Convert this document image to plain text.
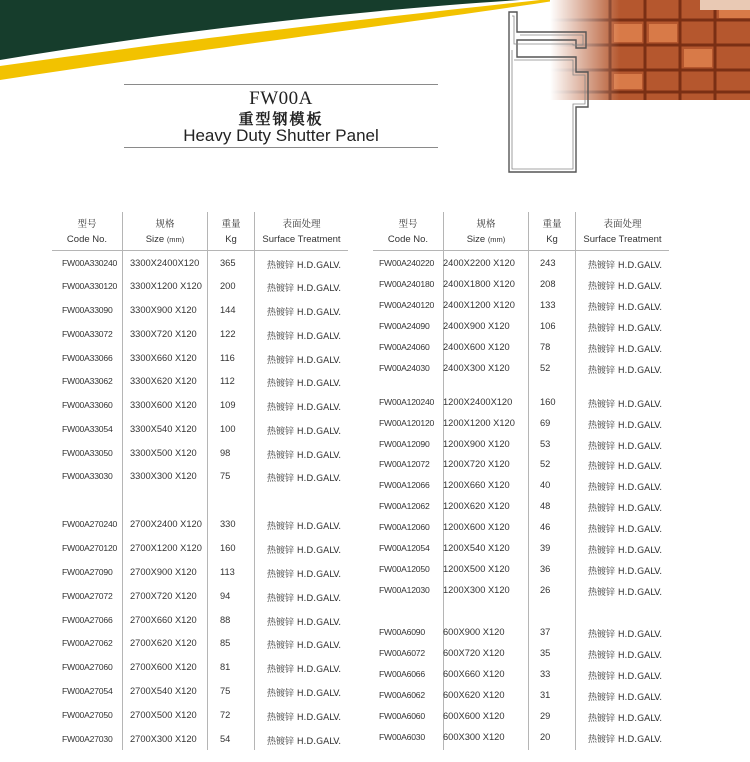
FW00A
重型钢模板
Heavy Duty Shutter Panel
型号
Code No.
规格
Size (mm)
重量
Kg
表面处理
Surface Treatment
FW00A330240 3300X2400X120 365	热镀锌 H.D.GALV.
FW00A330120 3300X1200 X120 200	热镀锌 H.D.GALV.
FW00A33090 3300X900 X120	144	热镀锌 H.D.GALV.
FW00A33072 3300X720 X120	122	热镀锌 H.D.GALV.
FW00A33066 3300X660 X120	116	热镀锌 H.D.GALV.
FW00A33062 3300X620 X120	112	热镀锌 H.D.GALV.
FW00A33060 3300X600 X120	109	热镀锌 H.D.GALV.
FW00A33054 3300X540 X120	100	热镀锌 H.D.GALV.
FW00A33050 3300X500 X120	98	热镀锌 H.D.GALV.
FW00A33030 3300X300 X120	75	热镀锌 H.D.GALV.
FW00A270240 2700X2400 X120 330	热镀锌 H.D.GALV.
FW00A270120 2700X1200 X120 160	热镀锌 H.D.GALV.
FW00A27090 2700X900 X120	113	热镀锌 H.D.GALV.
FW00A27072 2700X720 X120	94	热镀锌 H.D.GALV.
FW00A27066 2700X660 X120	88	热镀锌 H.D.GALV.
FW00A27062 2700X620 X120	85	热镀锌 H.D.GALV.
FW00A27060 2700X600 X120	81	热镀锌 H.D.GALV.
FW00A27054 2700X540 X120	75	热镀锌 H.D.GALV.
FW00A27050 2700X500 X120	72	热镀锌 H.D.GALV.
FW00A27030 2700X300 X120	54	热镀锌 H.D.GALV.
型号
Code No.
规格
Size (mm)
重量
Kg
表面处理
Surface Treatment
FW00A240220 2400X2200 X120	243	热镀锌 H.D.GALV.
FW00A240180 2400X1800 X120	208	热镀锌 H.D.GALV.
FW00A240120 2400X1200 X120	133	热镀锌 H.D.GALV.
FW00A24090 2400X900 X120	106	热镀锌 H.D.GALV.
FW00A24060 2400X600 X120	78	热镀锌 H.D.GALV.
FW00A24030 2400X300 X120	52	热镀锌 H.D.GALV.
FW00A120240 1200X2400X120	160	热镀锌 H.D.GALV.
FW00A120120 1200X1200 X120	69	热镀锌 H.D.GALV.
FW00A12090 1200X900 X120	53	热镀锌 H.D.GALV.
FW00A12072 1200X720 X120	52	热镀锌 H.D.GALV.
FW00A12066 1200X660 X120	40	热镀锌 H.D.GALV.
FW00A12062 1200X620 X120	48	热镀锌 H.D.GALV.
FW00A12060 1200X600 X120	46	热镀锌 H.D.GALV.
FW00A12054 1200X540 X120	39	热镀锌 H.D.GALV.
FW00A12050 1200X500 X120	36	热镀锌 H.D.GALV.
FW00A12030 1200X300 X120	26	热镀锌 H.D.GALV.
FW00A6090 600X900 X120	37	热镀锌 H.D.GALV.
FW00A6072 600X720 X120	35	热镀锌 H.D.GALV.
FW00A6066 600X660 X120	33	热镀锌 H.D.GALV.
FW00A6062 600X620 X120	31	热镀锌 H.D.GALV.
FW00A6060 600X600 X120	29	热镀锌 H.D.GALV.
FW00A6030 600X300 X120	20	热镀锌 H.D.GALV.
